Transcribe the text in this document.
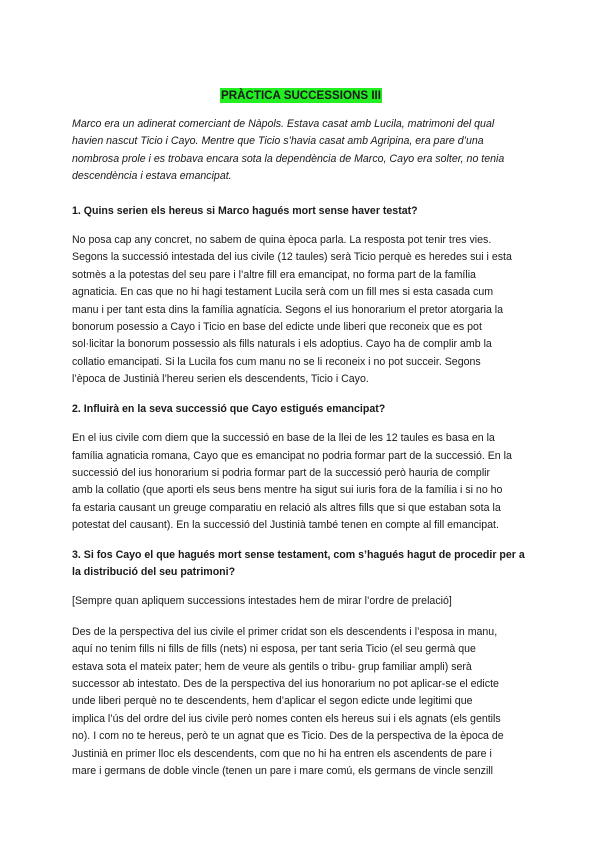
PRÀCTICA SUCCESSIONS III

Marco era un adinerat comerciant de Nàpols. Estava casat amb Lucila, matrimoni del qual
havien nascut Ticio i Cayo. Mentre que Ticio s’havia casat amb Agripina, era pare d’una
nombrosa prole i es trobava encara sota la dependència de Marco, Cayo era solter, no tenia
descendència i estava emancipat.

1. Quins serien els hereus si Marco hagués mort sense haver testat?

No posa cap any concret, no sabem de quina època parla. La resposta pot tenir tres vies.
Segons la successió intestada del ius civile (12 taules) serà Ticio perquè es heredes sui i esta
sotmès a la potestas del seu pare i l’altre fill era emancipat, no forma part de la família
agnaticia. En cas que no hi hagi testament Lucila serà com un fill mes si esta casada cum
manu i per tant esta dins la família agnatícia. Segons el ius honorarium el pretor atorgaria la
bonorum posessio a Cayo i Ticio en base del edicte unde liberi que reconeix que es pot
sol·licitar la bonorum possessio als fills naturals i els adoptius. Cayo ha de complir amb la
collatio emancipati. Si la Lucila fos cum manu no se li reconeix i no pot succeir. Segons
l’època de Justinià l’hereu serien els descendents, Ticio i Cayo.

2. Influirà en la seva successió que Cayo estigués emancipat?

En el ius civile com diem que la successió en base de la llei de les 12 taules es basa en la
família agnaticia romana, Cayo que es emancipat no podria formar part de la successió. En la
successió del ius honorarium si podria formar part de la successió però hauria de complir
amb la collatio (que aporti els seus bens mentre ha sigut sui iuris fora de la família i si no ho
fa estaria causant un greuge comparatiu en relació als altres fills que si que estaban sota la
potestat del causant). En la successió del Justinià també tenen en compte al fill emancipat.

3. Si fos Cayo el que hagués mort sense testament, com s’hagués hagut de procedir per a
la distribució del seu patrimoni?

[Sempre quan apliquem successions intestades hem de mirar l’ordre de prelació]

Des de la perspectiva del ius civile el primer cridat son els descendents i l’esposa in manu,
aquí no tenim fills ni fills de fills (nets) ni esposa, per tant seria Ticio (el seu germà que
estava sota el mateix pater; hem de veure als gentils o tribu- grup familiar ampli) serà
successor ab intestato. Des de la perspectiva del ius honorarium no pot aplicar-se el edicte
unde liberi perquè no te descendents, hem d’aplicar el segon edicte unde legitimi que
implica l’ús del ordre del ius civile però nomes conten els hereus sui i els agnats (els gentils
no). I com no te hereus, però te un agnat que es Ticio. Des de la perspectiva de la època de
Justinià en primer lloc els descendents, com que no hi ha entren els ascendents de pare i
mare i germans de doble vincle (tenen un pare i mare comú, els germans de vincle senzill
